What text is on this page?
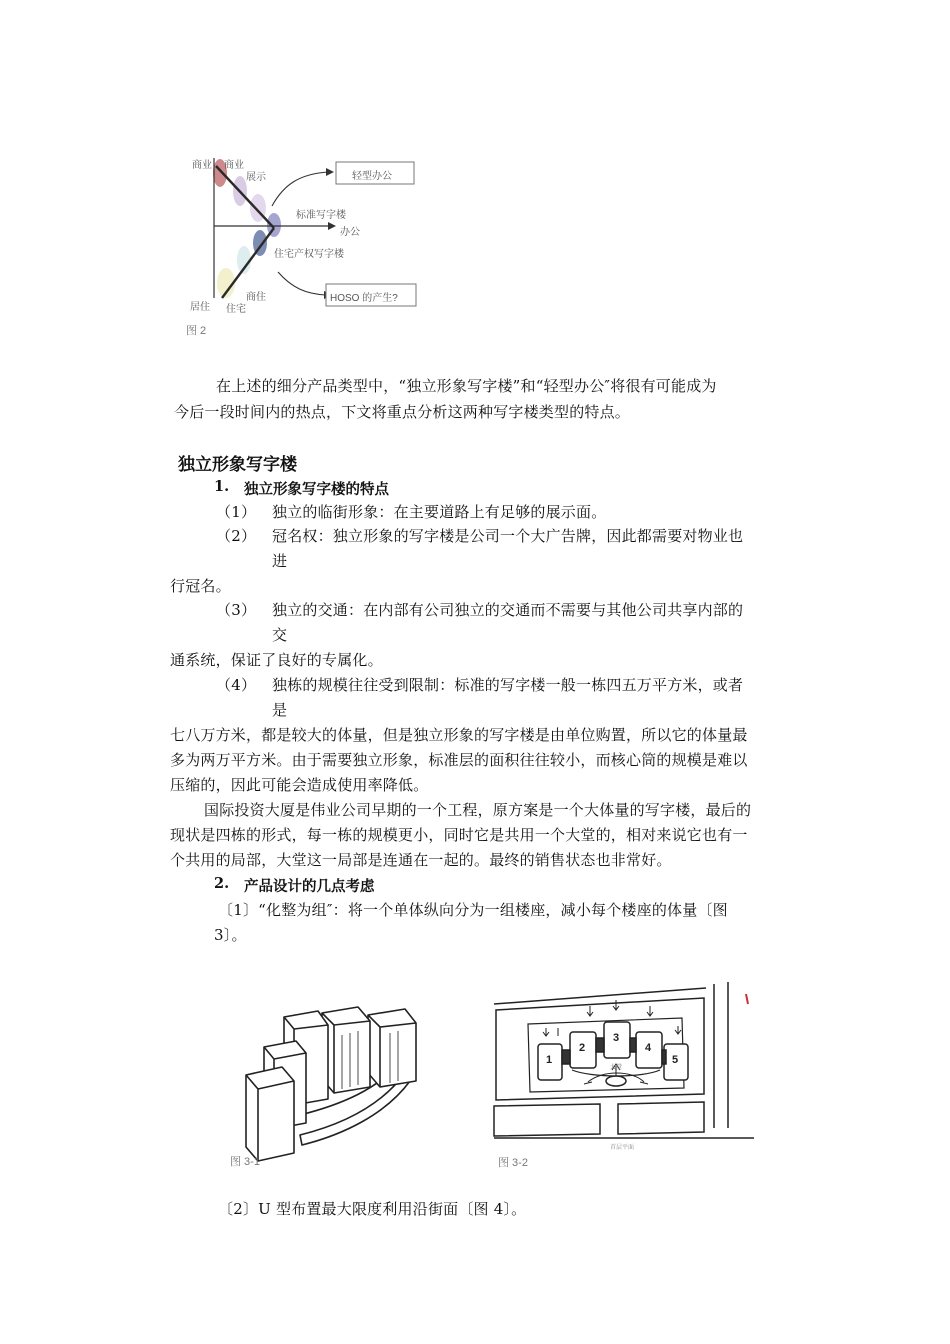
商业 商业
展示	轻型办公
标准写字楼
办公
住宅产权写字楼
商住	HOSO 的产生?
居住 住宅
图 2
在上述的细分产品类型中，“独立形象写字楼”和“轻型办公″将很有可能成为
今后一段时间内的热点，下文将重点分析这两种写字楼类型的特点。
独立形象写字楼
1. 独立形象写字楼的特点
（1） 独立的临街形象：在主要道路上有足够的展示面。
（2） 冠名权：独立形象的写字楼是公司一个大广告牌，因此都需要对物业也
进
行冠名。
（3） 独立的交通：在内部有公司独立的交通而不需要与其他公司共享内部的
交
通系统，保证了良好的专属化。
（4） 独栋的规模往往受到限制：标准的写字楼一般一栋四五万平方米，或者
是
七八万方米，都是较大的体量，但是独立形象的写字楼是由单位购置，所以它的体量最
多为两万平方米。由于需要独立形象，标准层的面积往往较小，而核心筒的规模是难以
压缩的，因此可能会造成使用率降低。
国际投资大厦是伟业公司早期的一个工程，原方案是一个大体量的写字楼，最后的
现状是四栋的形式，每一栋的规模更小，同时它是共用一个大堂的，相对来说它也有一
个共用的局部，大堂这一局部是连通在一起的。最终的销售状态也非常好。
2. 产品设计的几点考虑
〔1〕“化整为组″：将一个单体纵向分为一组楼座，减小每个楼座的体量〔图
3〕。
图 3-1
1
2
3
4
5
大堂
首层平面
图 3-2
〔2〕U 型布置最大限度利用沿街面〔图 4〕。
